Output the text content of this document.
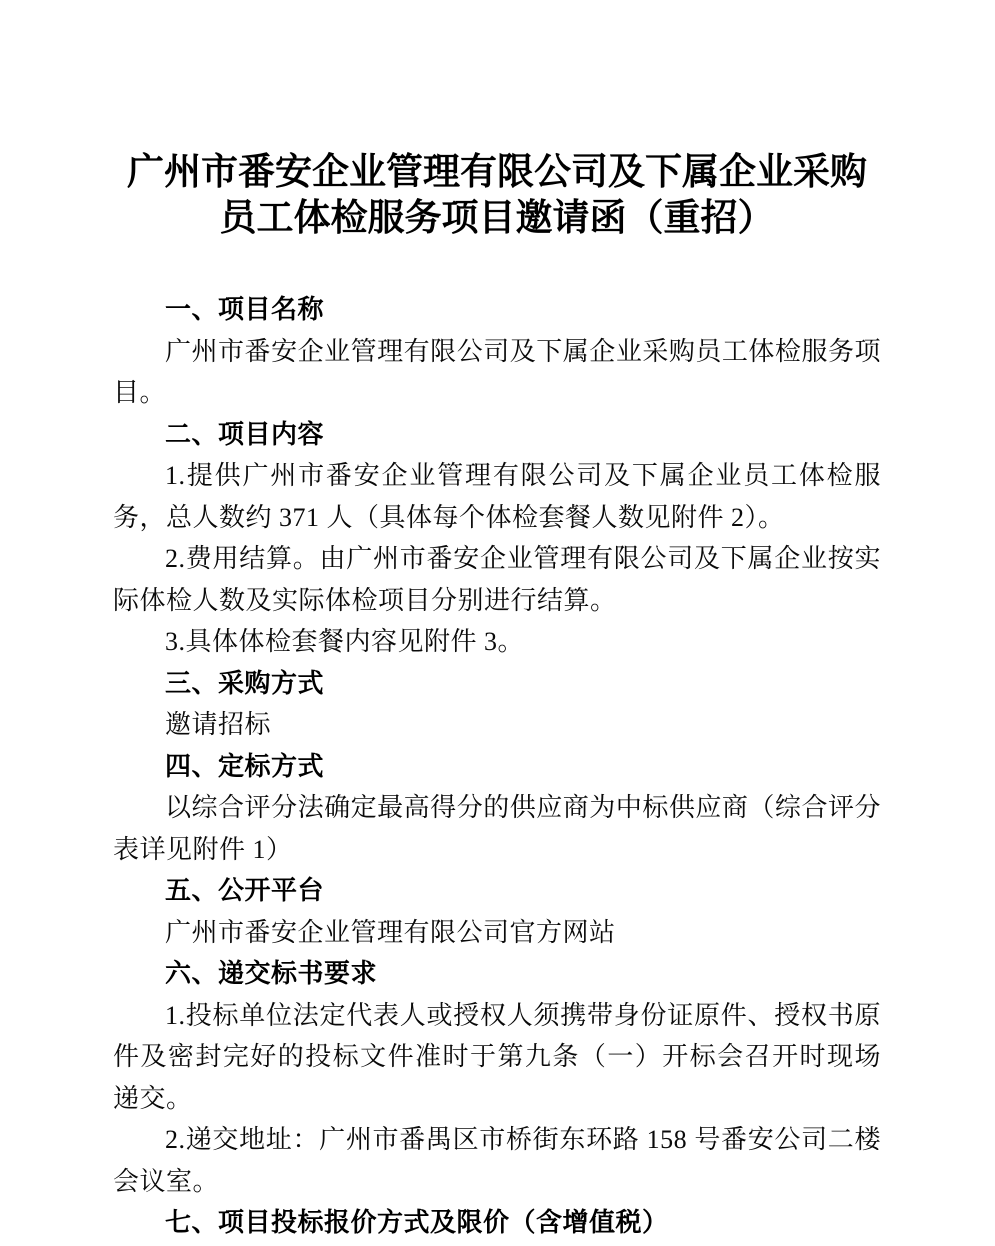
广州市番安企业管理有限公司及下属企业采购员工体检服务项目邀请函（重招）
一、项目名称

广州市番安企业管理有限公司及下属企业采购员工体检服务项目。

二、项目内容

1.提供广州市番安企业管理有限公司及下属企业员工体检服务，总人数约 371 人（具体每个体检套餐人数见附件 2）。

2.费用结算。由广州市番安企业管理有限公司及下属企业按实际体检人数及实际体检项目分别进行结算。

3.具体体检套餐内容见附件 3。

三、采购方式

邀请招标

四、定标方式

以综合评分法确定最高得分的供应商为中标供应商（综合评分表详见附件 1）

五、公开平台

广州市番安企业管理有限公司官方网站

六、递交标书要求

1.投标单位法定代表人或授权人须携带身份证原件、授权书原件及密封完好的投标文件准时于第九条（一）开标会召开时现场递交。

2.递交地址：广州市番禺区市桥街东环路 158 号番安公司二楼会议室。

七、项目投标报价方式及限价（含增值税）
